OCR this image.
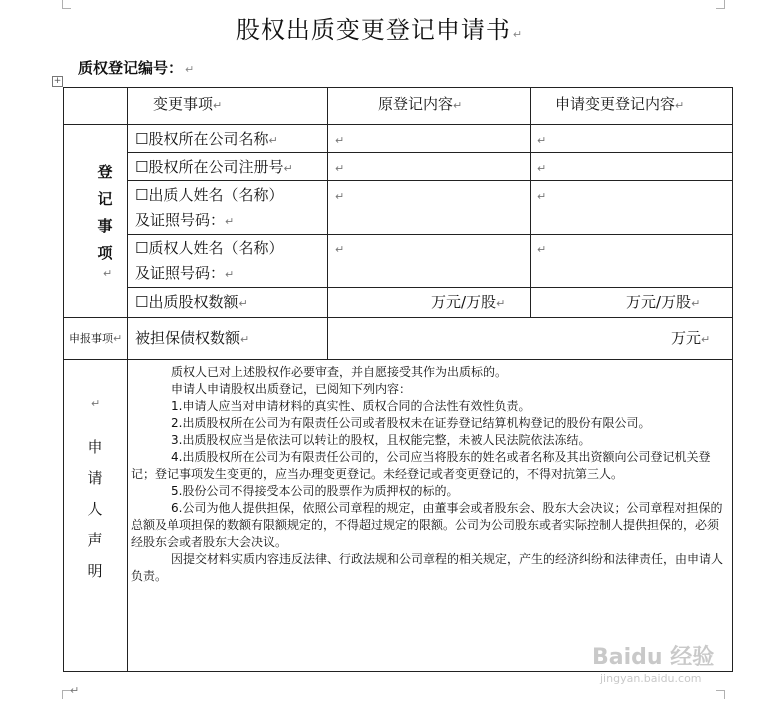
股权出质变更登记申请书 ↵
质权登记编号： ↵
+
变更事项↵	原登记内容↵	申请变更登记内容↵
登
记
事
项
↵
☐股权所在公司名称↵	↵	↵
☐股权所在公司注册号↵	↵	↵
☐出质人姓名（名称）
及证照号码：↵
↵	↵
☐质权人姓名（名称）
及证照号码：↵
↵	↵
☐出质股权数额↵	万元/万股↵	万元/万股↵
申报事项↵ 被担保债权数额↵	万元↵
↵
申
请
人
声
明

质权人已对上述股权作必要审查，并自愿接受其作为出质标的。

申请人申请股权出质登记，已阅知下列内容：

1.申请人应当对申请材料的真实性、质权合同的合法性有效性负责。

2.出质股权所在公司为有限责任公司或者股权未在证券登记结算机构登记的股份有限公司。

3.出质股权应当是依法可以转让的股权，且权能完整，未被人民法院依法冻结。

4.出质股权所在公司为有限责任公司的，公司应当将股东的姓名或者名称及其出资额向公司登记机关登记；登记事项发生变更的，应当办理变更登记。未经登记或者变更登记的，不得对抗第三人。

5.股份公司不得接受本公司的股票作为质押权的标的。

6.公司为他人提供担保，依照公司章程的规定，由董事会或者股东会、股东大会决议；公司章程对担保的总额及单项担保的数额有限额规定的，不得超过规定的限额。公司为公司股东或者实际控制人提供担保的，必须经股东会或者股东大会决议。

因提交材料实质内容违反法律、行政法规和公司章程的相关规定，产生的经济纠纷和法律责任，由申请人负责。

↵
Baidu 经验
jingyan.baidu.com
